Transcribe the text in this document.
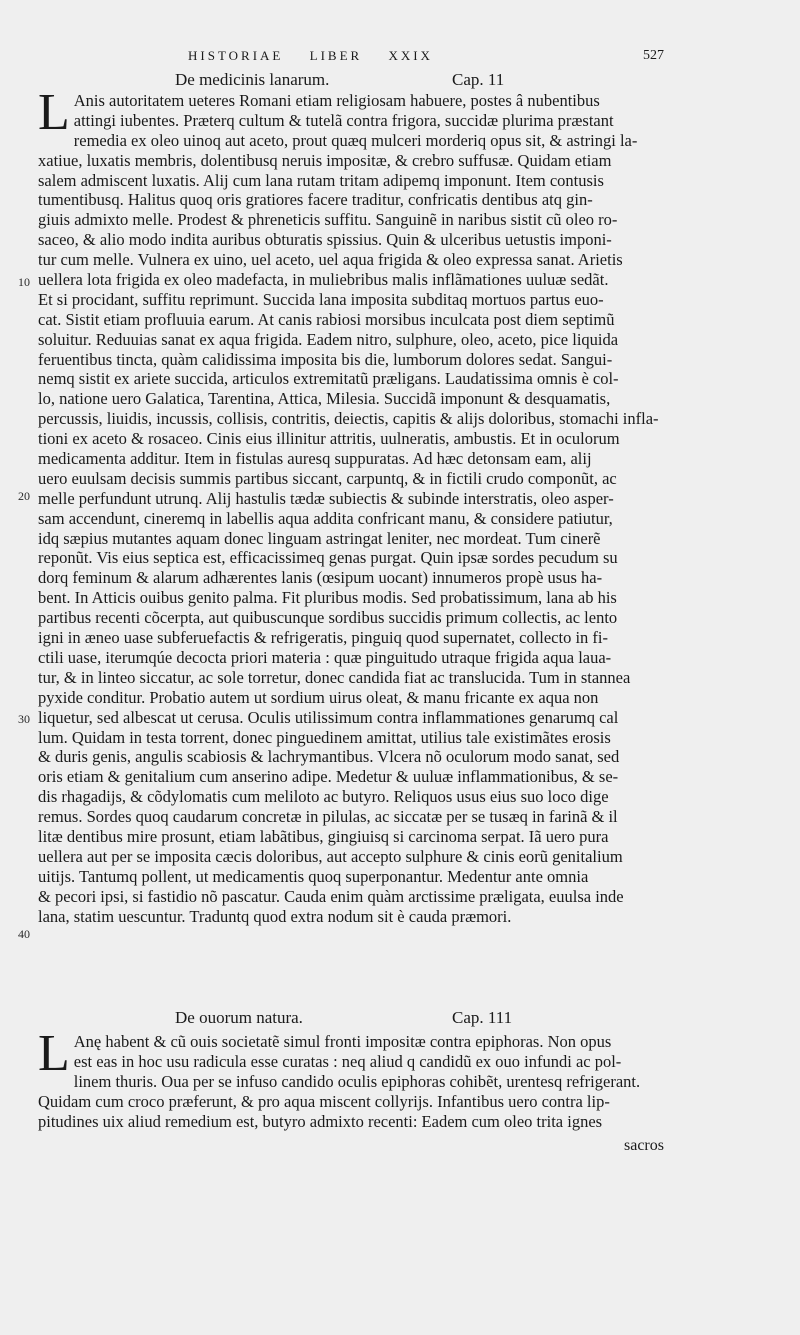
HISTORIAE LIBER XXIX	527
De medicinis lanarum.	Cap. 11
L Anis autoritatem ueteres Romani etiam religiosam habuere, postes â nubentibus
attingi iubentes. Præterq cultum & tutelã contra frigora, succidæ plurima præstant
remedia ex oleo uinoq aut aceto, prout quæq mulceri morderiq opus sit, & astringi la-
xatiue, luxatis membris, dolentibusq neruis impositæ, & crebro suffusæ. Quidam etiam
salem admiscent luxatis. Alij cum lana rutam tritam adipemq imponunt. Item contusis
tumentibusq. Halitus quoq oris gratiores facere traditur, confricatis dentibus atq gin-
giuis admixto melle. Prodest & phreneticis suffitu. Sanguinẽ in naribus sistit cũ oleo ro-
saceo, & alio modo indita auribus obturatis spissius. Quin & ulceribus uetustis imponi-
tur cum melle. Vulnera ex uino, uel aceto, uel aqua frigida & oleo expressa sanat. Arietis
uellera lota frigida ex oleo madefacta, in muliebribus malis inflãmationes uuluæ sedãt.
Et si procidant, suffitu reprimunt. Succida lana imposita subditaq mortuos partus euo-
cat. Sistit etiam profluuia earum. At canis rabiosi morsibus inculcata post diem septimũ
soluitur. Reduuias sanat ex aqua frigida. Eadem nitro, sulphure, oleo, aceto, pice liquida
feruentibus tincta, quàm calidissima imposita bis die, lumborum dolores sedat. Sangui-
nemq sistit ex ariete succida, articulos extremitatũ præligans. Laudatissima omnis è col-
lo, natione uero Galatica, Tarentina, Attica, Milesia. Succidã imponunt & desquamatis,
percussis, liuidis, incussis, collisis, contritis, deiectis, capitis & alijs doloribus, stomachi infla-
tioni ex aceto & rosaceo. Cinis eius illinitur attritis, uulneratis, ambustis. Et in oculorum
medicamenta additur. Item in fistulas auresq suppuratas. Ad hæc detonsam eam, alij
uero euulsam decisis summis partibus siccant, carpuntq, & in fictili crudo componũt, ac
melle perfundunt utrunq. Alij hastulis tædæ subiectis & subinde interstratis, oleo asper-
sam accendunt, cineremq in labellis aqua addita confricant manu, & considere patiutur,
idq sæpius mutantes aquam donec linguam astringat leniter, nec mordeat. Tum cinerẽ
reponũt. Vis eius septica est, efficacissimeq genas purgat. Quin ipsæ sordes pecudum su
dorq feminum & alarum adhærentes lanis (œsipum uocant) innumeros propè usus ha-
bent. In Atticis ouibus genito palma. Fit pluribus modis. Sed probatissimum, lana ab his
partibus recenti cõcerpta, aut quibuscunque sordibus succidis primum collectis, ac lento
igni in æneo uase subferuefactis & refrigeratis, pinguiq quod supernatet, collecto in fi-
ctili uase, iterumqúe decocta priori materia : quæ pinguitudo utraque frigida aqua laua-
tur, & in linteo siccatur, ac sole torretur, donec candida fiat ac translucida. Tum in stannea
pyxide conditur. Probatio autem ut sordium uirus oleat, & manu fricante ex aqua non
liquetur, sed albescat ut cerusa. Oculis utilissimum contra inflammationes genarumq cal
lum. Quidam in testa torrent, donec pinguedinem amittat, utilius tale existimãtes erosis
& duris genis, angulis scabiosis & lachrymantibus. Vlcera nõ oculorum modo sanat, sed
oris etiam & genitalium cum anserino adipe. Medetur & uuluæ inflammationibus, & se-
dis rhagadijs, & cõdylomatis cum meliloto ac butyro. Reliquos usus eius suo loco dige
remus. Sordes quoq caudarum concretæ in pilulas, ac siccatæ per se tusæq in farinã & il
litæ dentibus mire prosunt, etiam labãtibus, gingiuisq si carcinoma serpat. Iã uero pura
uellera aut per se imposita cæcis doloribus, aut accepto sulphure & cinis eorũ genitalium
uitijs. Tantumq pollent, ut medicamentis quoq superponantur. Medentur ante omnia
& pecori ipsi, si fastidio nõ pascatur. Cauda enim quàm arctissime præligata, euulsa inde
lana, statim uescuntur. Traduntq quod extra nodum sit è cauda præmori.
De ouorum natura.	Cap. 111
L Anę habent & cũ ouis societatẽ simul fronti impositæ contra epiphoras. Non opus
est eas in hoc usu radicula esse curatas : neq aliud q candidũ ex ouo infundi ac pol-
linem thuris. Oua per se infuso candido oculis epiphoras cohibẽt, urentesq refrigerant.
Quidam cum croco præferunt, & pro aqua miscent collyrijs. Infantibus uero contra lip-
pitudines uix aliud remedium est, butyro admixto recenti: Eadem cum oleo trita ignes
10
20
30
40
sacros
